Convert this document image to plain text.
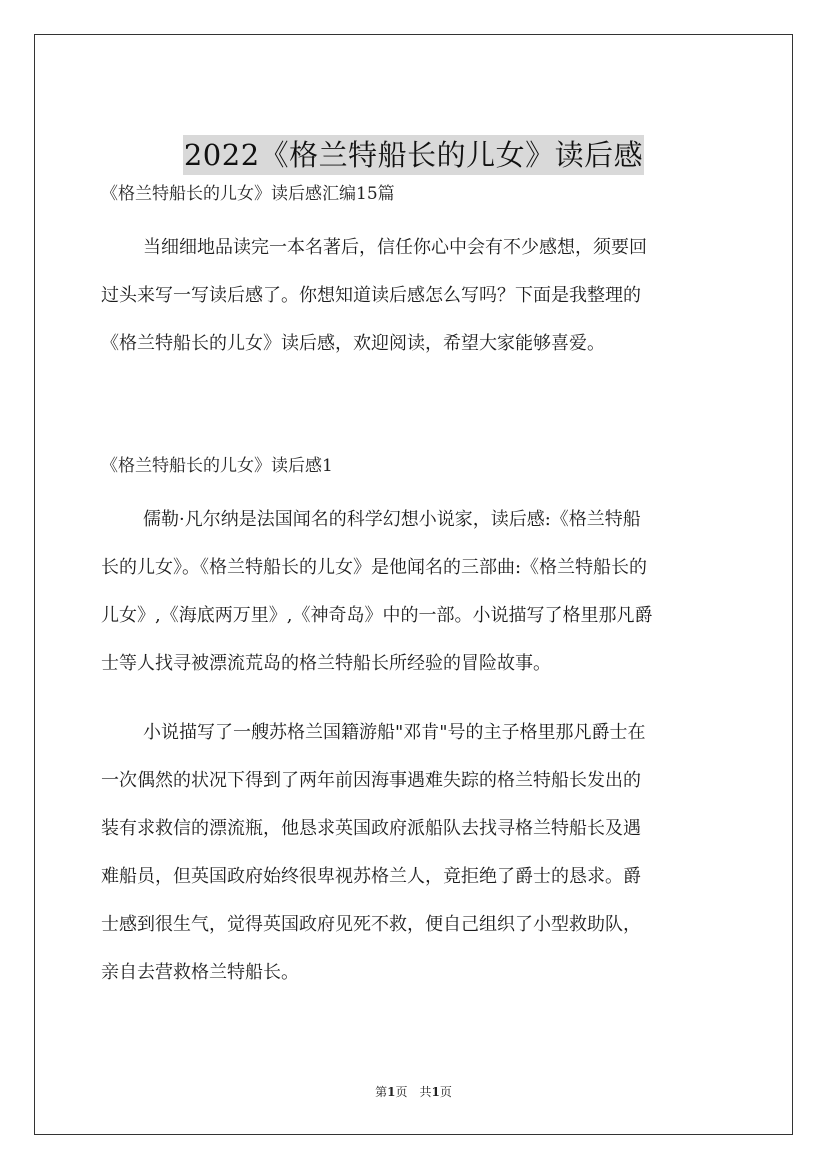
2022《格兰特船长的儿女》读后感
《格兰特船长的儿女》读后感汇编15篇
当细细地品读完一本名著后，信任你心中会有不少感想，须要回
过头来写一写读后感了。你想知道读后感怎么写吗？下面是我整理的
《格兰特船长的儿女》读后感，欢迎阅读，希望大家能够喜爱。
《格兰特船长的儿女》读后感1
儒勒·凡尔纳是法国闻名的科学幻想小说家，读后感:《格兰特船
长的儿女》。《格兰特船长的儿女》是他闻名的三部曲:《格兰特船长的
儿女》,《海底两万里》,《神奇岛》中的一部。小说描写了格里那凡爵
士等人找寻被漂流荒岛的格兰特船长所经验的冒险故事。
小说描写了一艘苏格兰国籍游船"邓肯"号的主子格里那凡爵士在
一次偶然的状况下得到了两年前因海事遇难失踪的格兰特船长发出的
装有求救信的漂流瓶，他恳求英国政府派船队去找寻格兰特船长及遇
难船员，但英国政府始终很卑视苏格兰人，竟拒绝了爵士的恳求。爵
士感到很生气，觉得英国政府见死不救，便自己组织了小型救助队，
亲自去营救格兰特船长。
第1页　共1页
